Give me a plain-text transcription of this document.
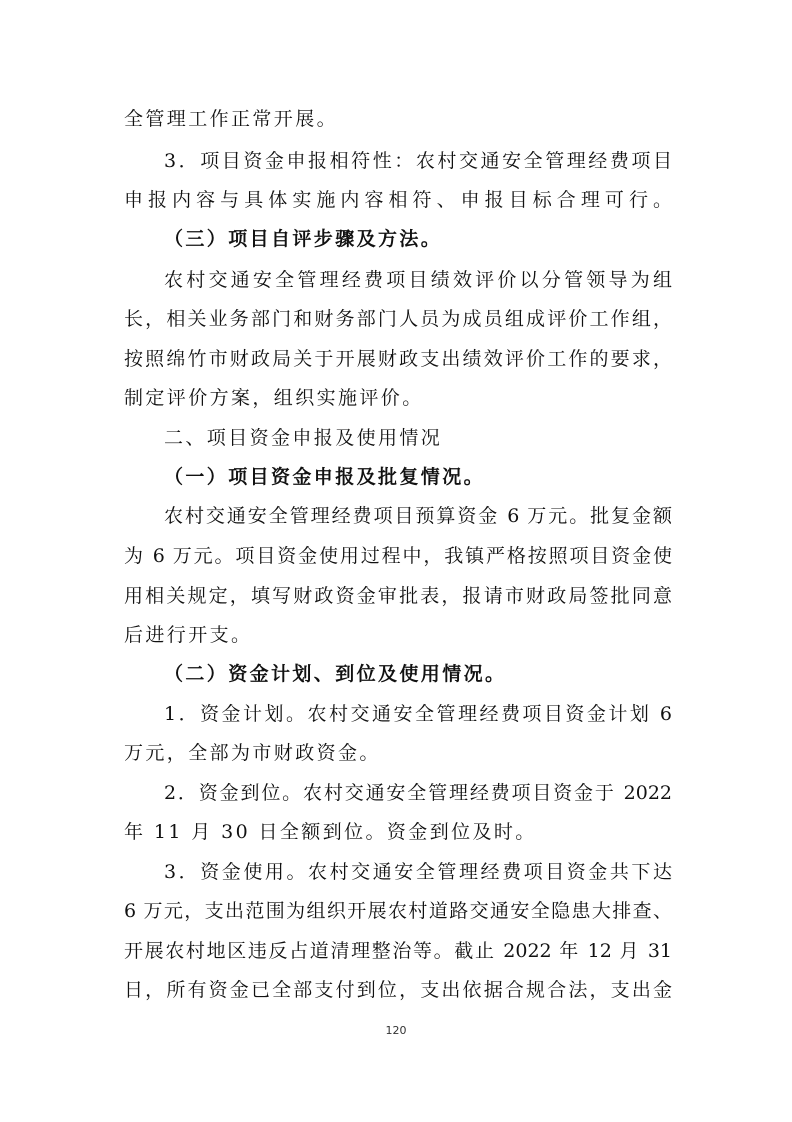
全管理工作正常开展。
3．项目资金申报相符性：农村交通安全管理经费项目
申报内容与具体实施内容相符、申报目标合理可行。
（三）项目自评步骤及方法。
农村交通安全管理经费项目绩效评价以分管领导为组
长，相关业务部门和财务部门人员为成员组成评价工作组，
按照绵竹市财政局关于开展财政支出绩效评价工作的要求，
制定评价方案，组织实施评价。
二、项目资金申报及使用情况
（一）项目资金申报及批复情况。
农村交通安全管理经费项目预算资金 6 万元。批复金额
为 6 万元。项目资金使用过程中，我镇严格按照项目资金使
用相关规定，填写财政资金审批表，报请市财政局签批同意
后进行开支。
（二）资金计划、到位及使用情况。
1．资金计划。农村交通安全管理经费项目资金计划 6
万元，全部为市财政资金。
2．资金到位。农村交通安全管理经费项目资金于 2022
年 11 月 30 日全额到位。资金到位及时。
3．资金使用。农村交通安全管理经费项目资金共下达
6 万元，支出范围为组织开展农村道路交通安全隐患大排查、
开展农村地区违反占道清理整治等。截止 2022 年 12 月 31
日，所有资金已全部支付到位，支出依据合规合法，支出金
120
